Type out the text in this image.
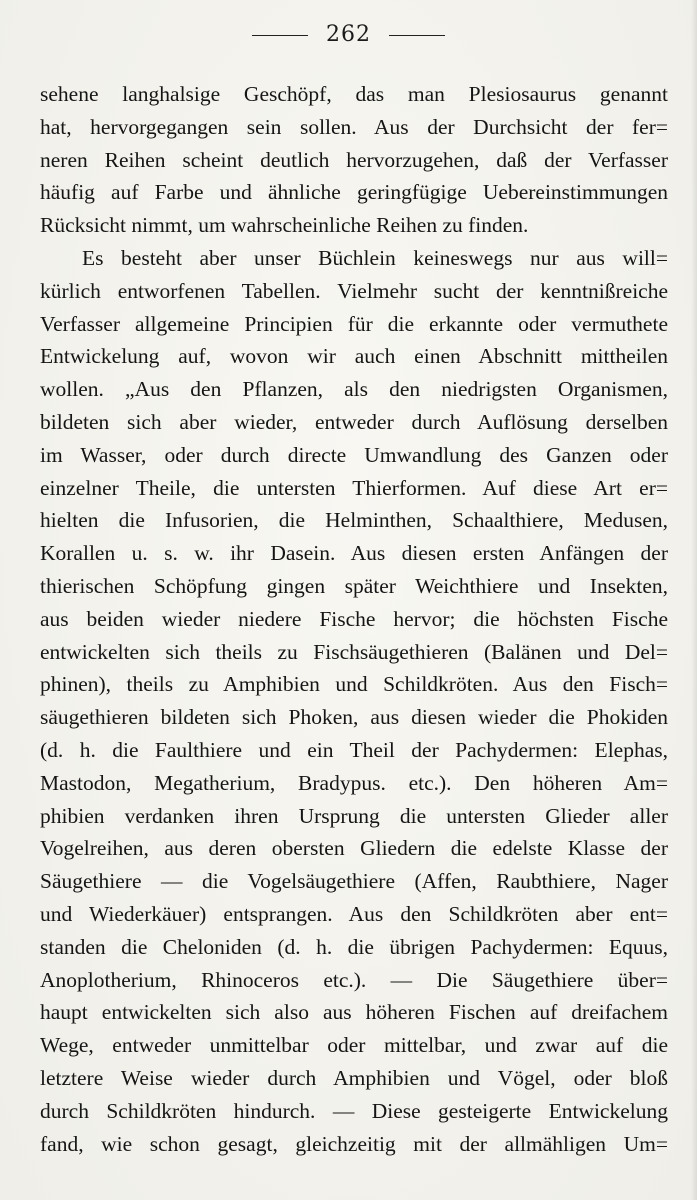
262
sehene langhalsige Geschöpf, das man Plesiosaurus genannt
hat, hervorgegangen sein sollen. Aus der Durchsicht der fer=
neren Reihen scheint deutlich hervorzugehen, daß der Verfasser
häufig auf Farbe und ähnliche geringfügige Uebereinstimmungen
Rücksicht nimmt, um wahrscheinliche Reihen zu finden.
Es besteht aber unser Büchlein keineswegs nur aus will=
kürlich entworfenen Tabellen. Vielmehr sucht der kenntnißreiche
Verfasser allgemeine Principien für die erkannte oder vermuthete
Entwickelung auf, wovon wir auch einen Abschnitt mittheilen
wollen. „Aus den Pflanzen, als den niedrigsten Organismen,
bildeten sich aber wieder, entweder durch Auflösung derselben
im Wasser, oder durch directe Umwandlung des Ganzen oder
einzelner Theile, die untersten Thierformen. Auf diese Art er=
hielten die Infusorien, die Helminthen, Schaalthiere, Medusen,
Korallen u. s. w. ihr Dasein. Aus diesen ersten Anfängen der
thierischen Schöpfung gingen später Weichthiere und Insekten,
aus beiden wieder niedere Fische hervor; die höchsten Fische
entwickelten sich theils zu Fischsäugethieren (Balänen und Del=
phinen), theils zu Amphibien und Schildkröten. Aus den Fisch=
säugethieren bildeten sich Phoken, aus diesen wieder die Phokiden
(d. h. die Faulthiere und ein Theil der Pachydermen: Elephas,
Mastodon, Megatherium, Bradypus. etc.). Den höheren Am=
phibien verdanken ihren Ursprung die untersten Glieder aller
Vogelreihen, aus deren obersten Gliedern die edelste Klasse der
Säugethiere — die Vogelsäugethiere (Affen, Raubthiere, Nager
und Wiederkäuer) entsprangen. Aus den Schildkröten aber ent=
standen die Cheloniden (d. h. die übrigen Pachydermen: Equus,
Anoplotherium, Rhinoceros etc.). — Die Säugethiere über=
haupt entwickelten sich also aus höheren Fischen auf dreifachem
Wege, entweder unmittelbar oder mittelbar, und zwar auf die
letztere Weise wieder durch Amphibien und Vögel, oder bloß
durch Schildkröten hindurch. — Diese gesteigerte Entwickelung
fand, wie schon gesagt, gleichzeitig mit der allmähligen Um=
